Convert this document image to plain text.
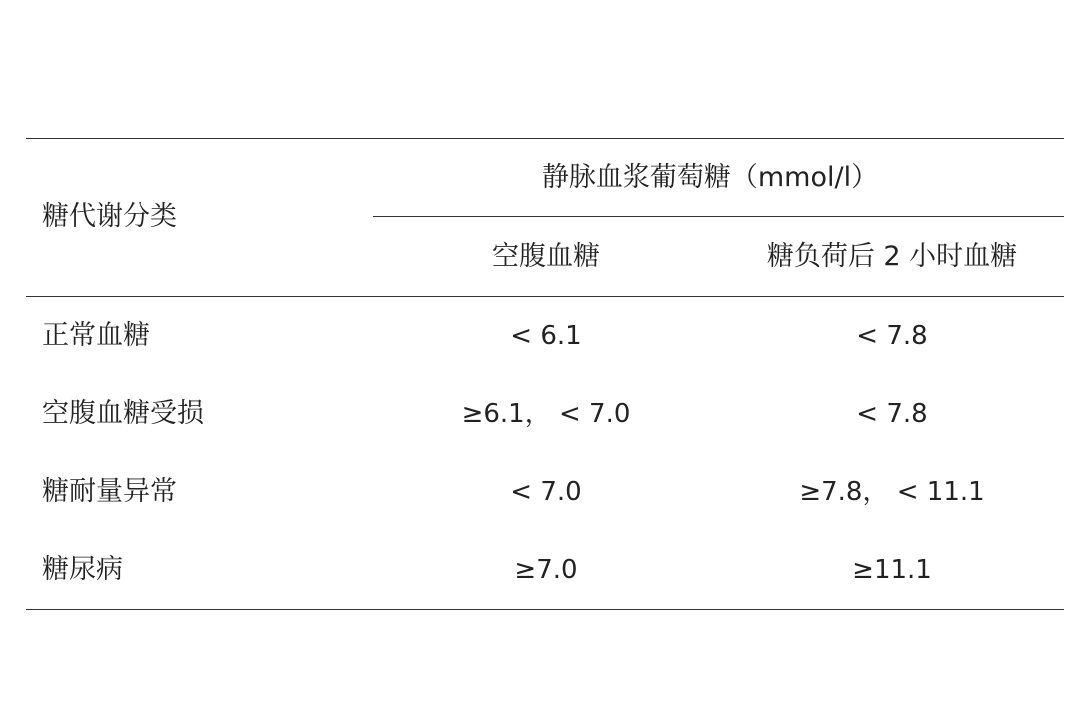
糖代谢分类
静脉血浆葡萄糖（mmol/l）
空腹血糖	糖负荷后 2 小时血糖
正常血糖	< 6.1	< 7.8
空腹血糖受损	≥6.1， < 7.0	< 7.8
糖耐量异常	< 7.0	≥7.8， < 11.1
糖尿病	≥7.0	≥11.1
